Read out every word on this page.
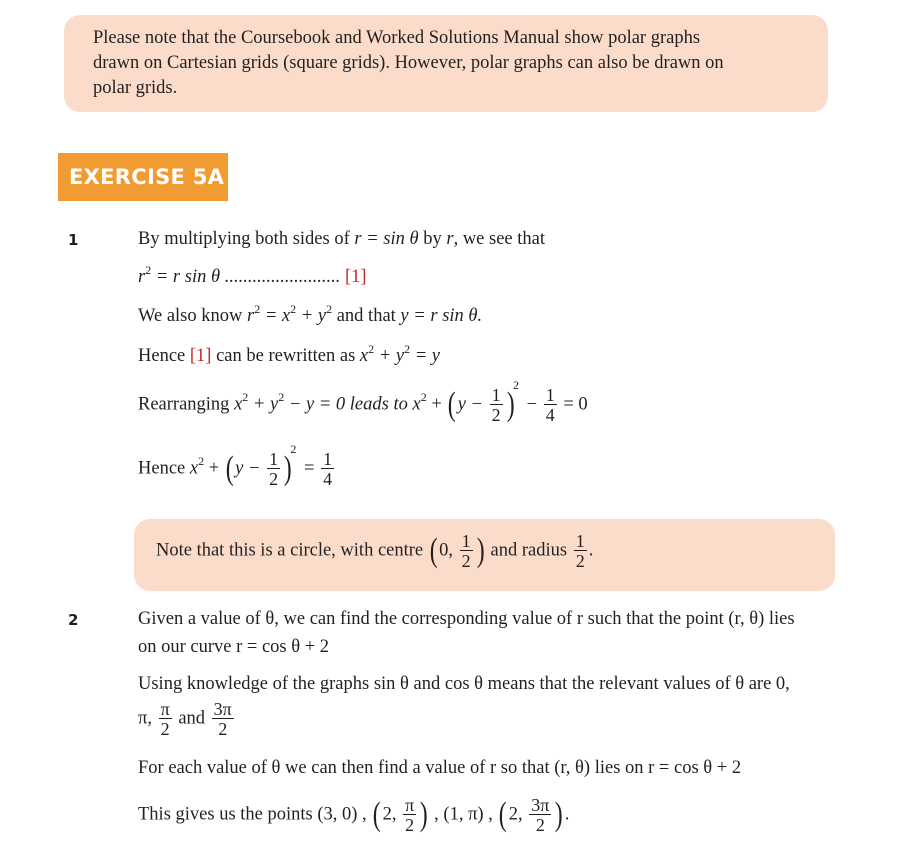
Please note that the Coursebook and Worked Solutions Manual show polar graphs
drawn on Cartesian grids (square grids). However, polar graphs can also be drawn on
polar grids.
EXERCISE 5A
1	By multiplying both sides of r = sin θ by r, we see that
$r^2 = r$ sin θ ......................... [1]
We also know $r^2 = x^2 + y^2$ and that y = r sin θ.
Hence [1] can be rewritten as $x^2 + y^2 = y$
Rearranging $x^2 + y^2 - y = 0$ leads to $x^2 + (y - \frac{1}{2} )^2 - \frac{1}{4} = 0$
Hence $x^2 + (y - \frac{1}{2} )^2 = \frac{1}{4}$
Note that this is a circle, with centre (0, $\frac{1}{2}$ ) and radius $\frac{1}{2}$ .
2	Given a value of θ, we can find the corresponding value of r such that the point (r, θ) lies
on our curve r = cos θ + 2
Using knowledge of the graphs sin θ and cos θ means that the relevant values of θ are 0,
π, $\frac{\pi}{2}$ and $\frac{3\pi}{2}$
For each value of θ we can then find a value of r so that (r, θ) lies on r = cos θ + 2
This gives us the points (3, 0) , (2, $\frac{\pi}{2}$ ) , (1, π) , (2, $\frac{3\pi}{2}$ ).
